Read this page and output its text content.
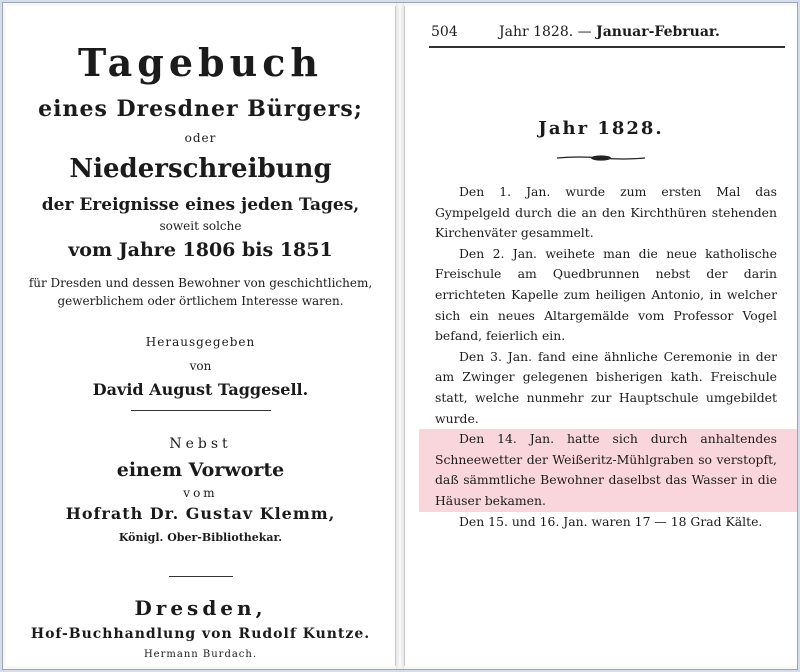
Tagebuch
eines Dresdner Bürgers;
oder
Niederschreibung
der Ereignisse eines jeden Tages,
soweit solche
vom Jahre 1806 bis 1851
für Dresden und dessen Bewohner von geschichtlichem,
gewerblichem oder örtlichem Interesse waren.
Herausgegeben
von
David August Taggesell.
Nebst
einem Vorworte
vom
Hofrath Dr. Gustav Klemm,
Königl. Ober-Bibliothekar.
Dresden,
Hof-Buchhandlung von Rudolf Kuntze.
Hermann Burdach.
504	Jahr 1828. — Januar-Februar.
Jahr 1828.

Den 1. Jan. wurde zum ersten Mal das Gympelgeld durch die an den Kirchthüren stehenden Kirchenväter gesammelt.

Den 2. Jan. weihete man die neue katholische Freischule am Quedbrunnen nebst der darin errichteten Kapelle zum heiligen Antonio, in welcher sich ein neues Altargemälde vom Professor Vogel befand, feierlich ein.

Den 3. Jan. fand eine ähnliche Ceremonie in der am Zwinger gelegenen bisherigen kath. Freischule statt, welche nunmehr zur Hauptschule umgebildet wurde.

Den 14. Jan. hatte sich durch anhaltendes Schneewetter der Weißeritz-Mühlgraben so verstopft, daß sämmtliche Bewohner daselbst das Wasser in die Häuser bekamen.

Den 15. und 16. Jan. waren 17 — 18 Grad Kälte.
